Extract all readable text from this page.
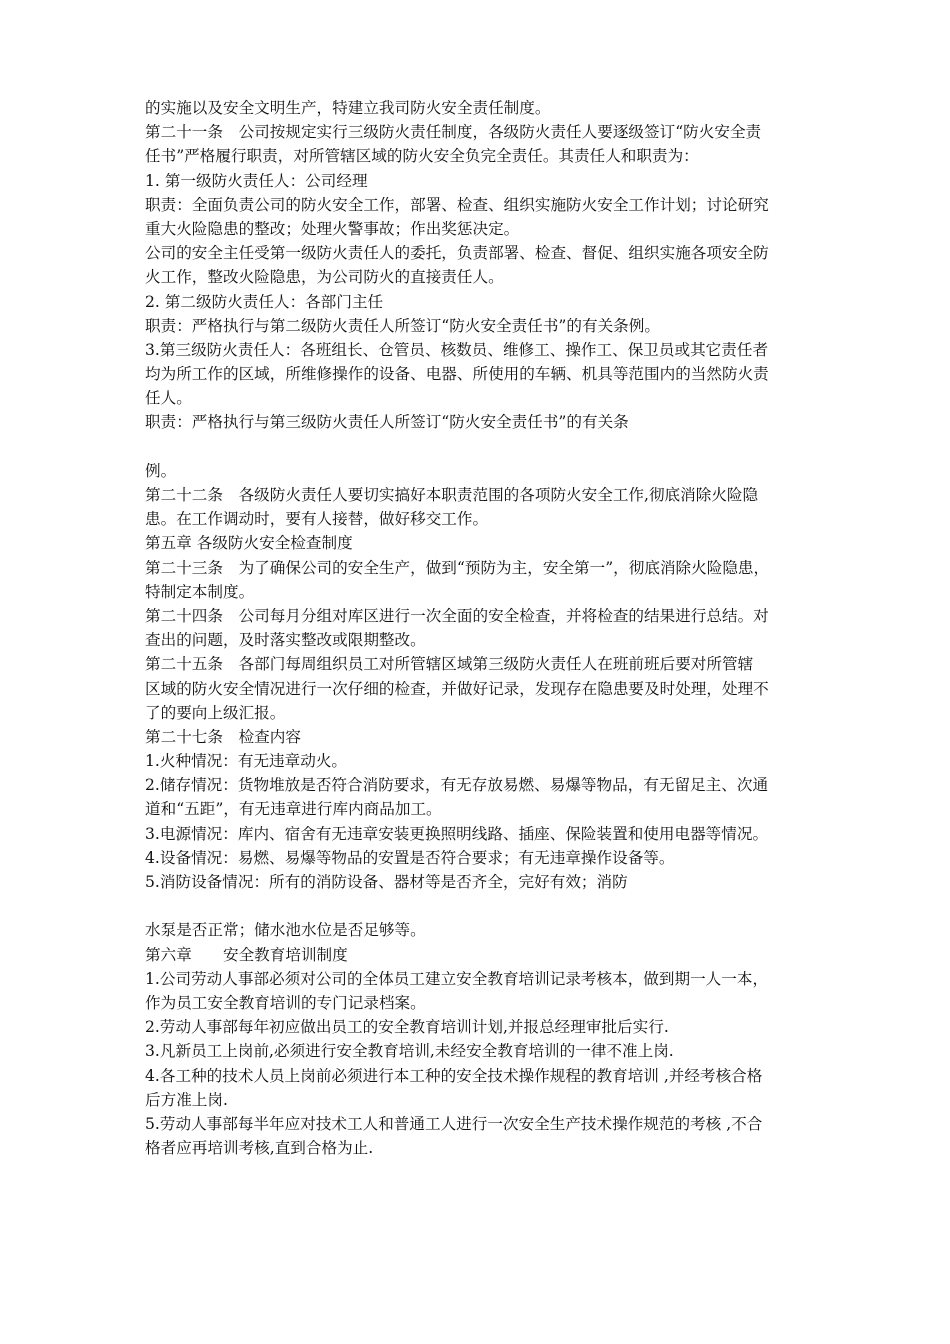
的实施以及安全文明生产，特建立我司防火安全责任制度。
第二十一条　公司按规定实行三级防火责任制度，各级防火责任人要逐级签订“防火安全责
任书”严格履行职责，对所管辖区域的防火安全负完全责任。其责任人和职责为：
1. 第一级防火责任人：公司经理
职责：全面负责公司的防火安全工作，部署、检查、组织实施防火安全工作计划；讨论研究
重大火险隐患的整改；处理火警事故；作出奖惩决定。
公司的安全主任受第一级防火责任人的委托，负责部署、检查、督促、组织实施各项安全防
火工作，整改火险隐患，为公司防火的直接责任人。
2. 第二级防火责任人：各部门主任
职责：严格执行与第二级防火责任人所签订“防火安全责任书”的有关条例。
3.第三级防火责任人：各班组长、仓管员、核数员、维修工、操作工、保卫员或其它责任者
均为所工作的区域，所维修操作的设备、电器、所使用的车辆、机具等范围内的当然防火责
任人。
职责：严格执行与第三级防火责任人所签订“防火安全责任书”的有关条
例。
第二十二条　各级防火责任人要切实搞好本职责范围的各项防火安全工作,彻底消除火险隐
患。在工作调动时，要有人接替，做好移交工作。
第五章 各级防火安全检查制度
第二十三条　为了确保公司的安全生产，做到“预防为主，安全第一”，彻底消除火险隐患，
特制定本制度。
第二十四条　公司每月分组对库区进行一次全面的安全检查，并将检查的结果进行总结。对
查出的问题，及时落实整改或限期整改。
第二十五条　各部门每周组织员工对所管辖区域第三级防火责任人在班前班后要对所管辖
区域的防火安全情况进行一次仔细的检查，并做好记录，发现存在隐患要及时处理，处理不
了的要向上级汇报。
第二十七条　检查内容
1.火种情况：有无违章动火。
2.储存情况：货物堆放是否符合消防要求，有无存放易燃、易爆等物品，有无留足主、次通
道和“五距”，有无违章进行库内商品加工。
3.电源情况：库内、宿舍有无违章安装更换照明线路、插座、保险装置和使用电器等情况。
4.设备情况：易燃、易爆等物品的安置是否符合要求；有无违章操作设备等。
5.消防设备情况：所有的消防设备、器材等是否齐全，完好有效；消防
水泵是否正常；储水池水位是否足够等。
第六章　　安全教育培训制度
1.公司劳动人事部必须对公司的全体员工建立安全教育培训记录考核本，做到期一人一本，
作为员工安全教育培训的专门记录档案。
2.劳动人事部每年初应做出员工的安全教育培训计划,并报总经理审批后实行.
3.凡新员工上岗前,必须进行安全教育培训,未经安全教育培训的一律不准上岗.
4.各工种的技术人员上岗前必须进行本工种的安全技术操作规程的教育培训 ,并经考核合格
后方准上岗.
5.劳动人事部每半年应对技术工人和普通工人进行一次安全生产技术操作规范的考核 ,不合
格者应再培训考核,直到合格为止.
